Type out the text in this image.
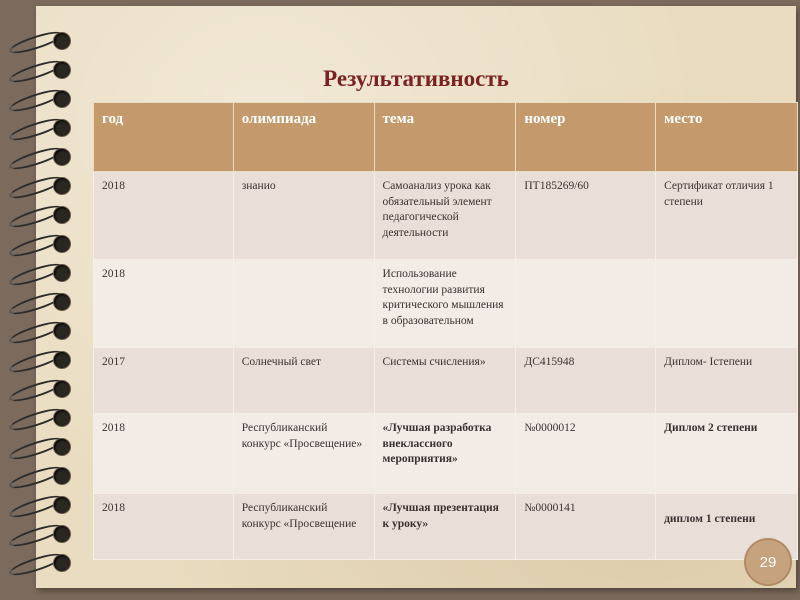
Результативность
год	олимпиада	тема	номер	место
2018	знанио	Самоанализ урока как обязательный элемент педагогической деятельности	ПТ185269/60	Сертификат отличия 1 степени
2018		Использование технологии развития критического мышления в образовательном		
2017	Солнечный свет	Системы счисления»	ДС415948	Диплом- Iстепени
2018	Республиканский конкурс «Просвещение»	«Лучшая разработка внеклассного мероприятия»	№0000012	Диплом 2 степени
2018	Республиканский конкурс «Просвещение	«Лучшая презентация к уроку»	№0000141	диплом 1 степени
29
